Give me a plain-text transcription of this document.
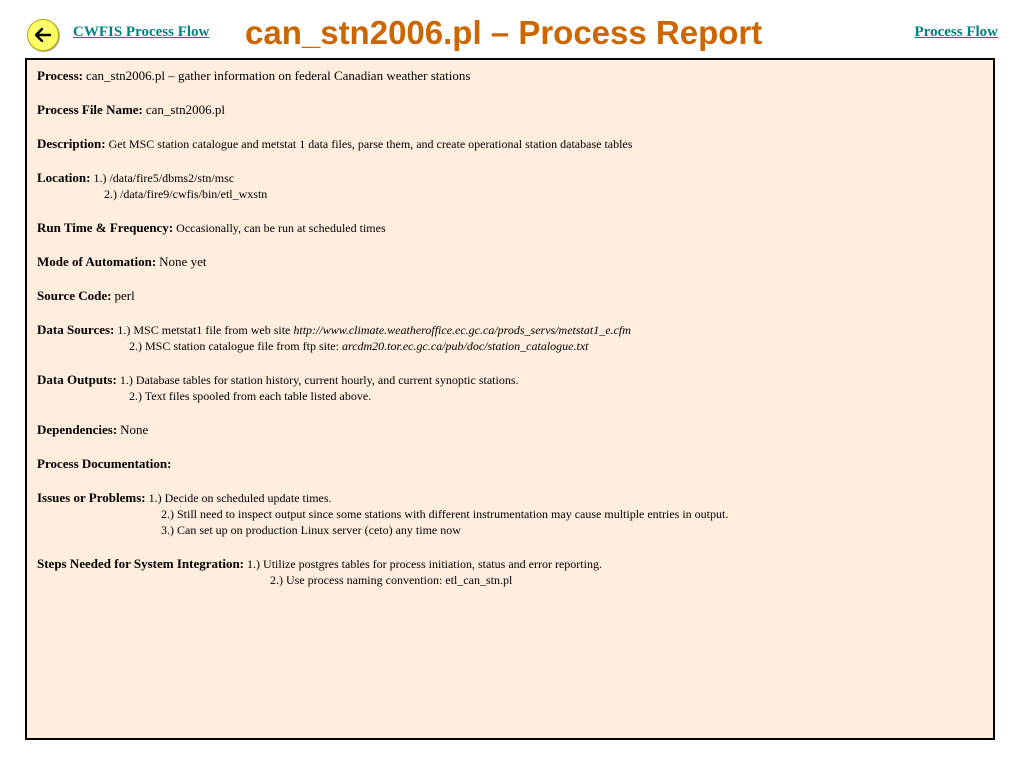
CWFIS Process Flow can_stn2006.pl – Process Report	Process Flow
Process: can_stn2006.pl – gather information on federal Canadian weather stations
Process File Name: can_stn2006.pl
Description: Get MSC station catalogue and metstat 1 data files, parse them, and create operational station database tables
Location: 1.) /data/fire5/dbms2/stn/msc
2.) /data/fire9/cwfis/bin/etl_wxstn
Run Time & Frequency: Occasionally, can be run at scheduled times
Mode of Automation: None yet
Source Code: perl
Data Sources: 1.) MSC metstat1 file from web site http://www.climate.weatheroffice.ec.gc.ca/prods_servs/metstat1_e.cfm
2.) MSC station catalogue file from ftp site: arcdm20.tor.ec.gc.ca/pub/doc/station_catalogue.txt
Data Outputs: 1.) Database tables for station history, current hourly, and current synoptic stations.
2.) Text files spooled from each table listed above.
Dependencies: None
Process Documentation:
Issues or Problems: 1.) Decide on scheduled update times.
2.) Still need to inspect output since some stations with different instrumentation may cause multiple entries in output.
3.) Can set up on production Linux server (ceto) any time now
Steps Needed for System Integration: 1.) Utilize postgres tables for process initiation, status and error reporting.
2.) Use process naming convention: etl_can_stn.pl
